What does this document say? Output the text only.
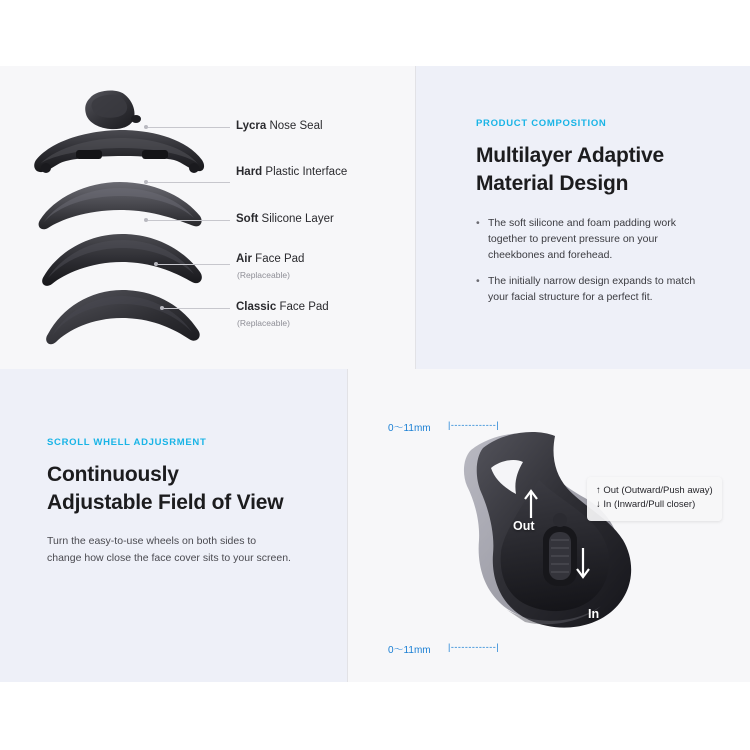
Lycra Nose Seal
Hard Plastic Interface
Soft Silicone Layer
Air Face Pad
(Replaceable)
Classic Face Pad
(Replaceable)
PRODUCT COMPOSITION
Multilayer Adaptive
Material Design
• The soft silicone and foam padding work together to prevent pressure on your cheekbones and forehead.
• The initially narrow design expands to match your facial structure for a perfect fit.
SCROLL WHELL ADJUSRMENT
Continuously
Adjustable Field of View
Turn the easy-to-use wheels on both sides to change how close the face cover sits to your screen.
Out
In
↑ Out (Outward/Push away)
↓ In (Inward/Pull closer)
0～11mm |-------------|
0～11mm |-------------|
